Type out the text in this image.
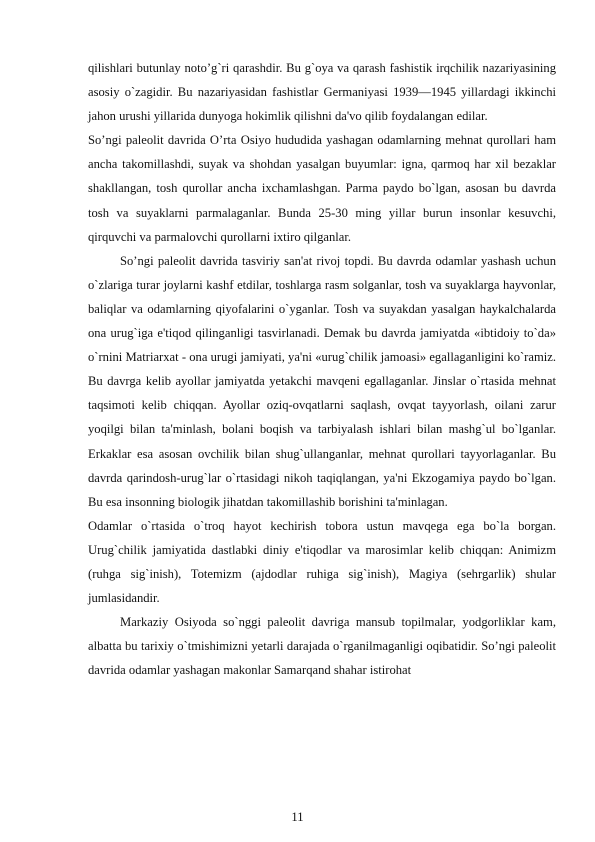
qilishlari butunlay noto’g`ri qarashdir. Bu g`oya va qarash fashistik irqchilik nazariyasining asosiy o`zagidir. Bu nazariyasidan fashistlar Germaniyasi 1939—1945 yillardagi ikkinchi jahon urushi yillarida dunyoga hokimlik qilishni da'vo qilib foydalangan edilar.

So’ngi paleolit davrida O’rta Osiyo hududida yashagan odamlarning mehnat qurollari ham ancha takomillashdi, suyak va shohdan yasalgan buyumlar: igna, qarmoq har xil bezaklar shakllangan, tosh qurollar ancha ixchamlashgan. Parma paydo bo`lgan, asosan bu davrda tosh va suyaklarni parmalaganlar. Bunda 25-30 ming yillar burun insonlar kesuvchi, qirquvchi va parmalovchi qurollarni ixtiro qilganlar.

So’ngi paleolit davrida tasviriy san'at rivoj topdi. Bu davrda odamlar yashash uchun o`zlariga turar joylarni kashf etdilar, toshlarga rasm solganlar, tosh va suyaklarga hayvonlar, baliqlar va odamlarning qiyofalarini o`yganlar. Tosh va suyakdan yasalgan haykalchalarda ona urug`iga e'tiqod qilinganligi tasvirlanadi. Demak bu davrda jamiyatda «ibtidoiy to`da» o`rnini Matriarxat - ona urugi jamiyati, ya'ni «urug`chilik jamoasi» egallaganligini ko`ramiz. Bu davrga kelib ayollar jamiyatda yetakchi mavqeni egallaganlar. Jinslar o`rtasida mehnat taqsimoti kelib chiqqan. Ayollar oziq-ovqatlarni saqlash, ovqat tayyorlash, oilani zarur yoqilgi bilan ta'minlash, bolani boqish va tarbiyalash ishlari bilan mashg`ul bo`lganlar. Erkaklar esa asosan ovchilik bilan shug`ullanganlar, mehnat qurollari tayyorlaganlar. Bu davrda qarindosh-urug`lar o`rtasidagi nikoh taqiqlangan, ya'ni Ekzogamiya paydo bo`lgan. Bu esa insonning biologik jihatdan takomillashib borishini ta'minlagan.

Odamlar o`rtasida o`troq hayot kechirish tobora ustun mavqega ega bo`la borgan. Urug`chilik jamiyatida dastlabki diniy e'tiqodlar va marosimlar kelib chiqqan: Animizm (ruhga sig`inish), Totemizm (ajdodlar ruhiga sig`inish), Magiya (sehrgarlik) shular jumlasidandir.

Markaziy Osiyoda so`nggi paleolit davriga mansub topilmalar, yodgorliklar kam, albatta bu tarixiy o`tmishimizni yetarli darajada o`rganilmaganligi oqibatidir. So’ngi paleolit davrida odamlar yashagan makonlar Samarqand shahar istirohat

11
